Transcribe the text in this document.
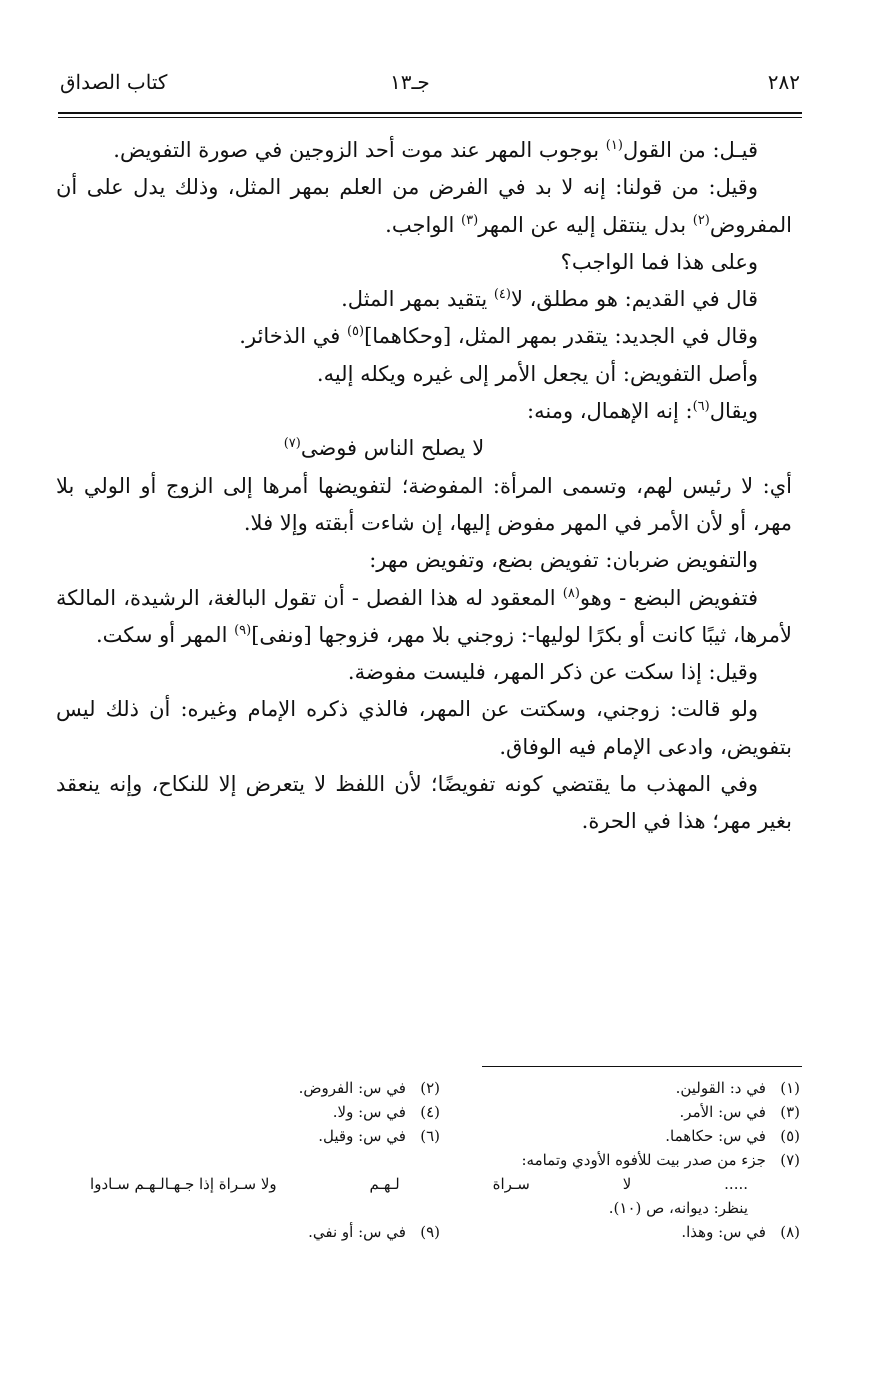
٢٨٢
جـ١٣
كتاب الصداق

قيـل: من القول$^{(١)}$ بوجوب المهر عند موت أحد الزوجين في صورة التفويض.

وقيل: من قولنا: إنه لا بد في الفرض من العلم بمهر المثل، وذلك يدل على أن المفروض$^{(٢)}$ بدل ينتقل إليه عن المهر$^{(٣)}$ الواجب.

وعلى هذا فما الواجب؟

قال في القديم: هو مطلق، لا$^{(٤)}$ يتقيد بمهر المثل.

وقال في الجديد: يتقدر بمهر المثل، [وحكاهما]$^{(٥)}$ في الذخائر.

وأصل التفويض: أن يجعل الأمر إلى غيره ويكله إليه.

ويقال$^{(٦)}$: إنه الإهمال، ومنه:

لا يصلح الناس فوضى$^{(٧)}$

أي: لا رئيس لهم، وتسمى المرأة: المفوضة؛ لتفويضها أمرها إلى الزوج أو الولي بلا مهر، أو لأن الأمر في المهر مفوض إليها، إن شاءت أبقته وإلا فلا.

والتفويض ضربان: تفويض بضع، وتفويض مهر:

فتفويض البضع - وهو$^{(٨)}$ المعقود له هذا الفصل - أن تقول البالغة، الرشيدة، المالكة لأمرها، ثيبًا كانت أو بكرًا لوليها-: زوجني بلا مهر، فزوجها [ونفى]$^{(٩)}$ المهر أو سكت.

وقيل: إذا سكت عن ذكر المهر، فليست مفوضة.

ولو قالت: زوجني، وسكتت عن المهر، فالذي ذكره الإمام وغيره: أن ذلك ليس بتفويض، وادعى الإمام فيه الوفاق.

وفي المهذب ما يقتضي كونه تفويضًا؛ لأن اللفظ لا يتعرض إلا للنكاح، وإنه ينعقد بغير مهر؛ هذا في الحرة.

(١)   في د: القولين.
(٢)   في س: الفروض.
(٣)   في س: الأمر.
(٤)   في س: ولا.
(٥)   في س: حكاهما.
(٦)   في س: وقيل.
(٧)   جزء من صدر بيت للأفوه الأودي وتمامه:
.....
لا
سـراة
لـهـم
ولا سـراة إذا جـهـالـهـم سـادوا
ينظر: ديوانه، ص (١٠).
(٨)   في س: وهذا.
(٩)   في س: أو نفي.
